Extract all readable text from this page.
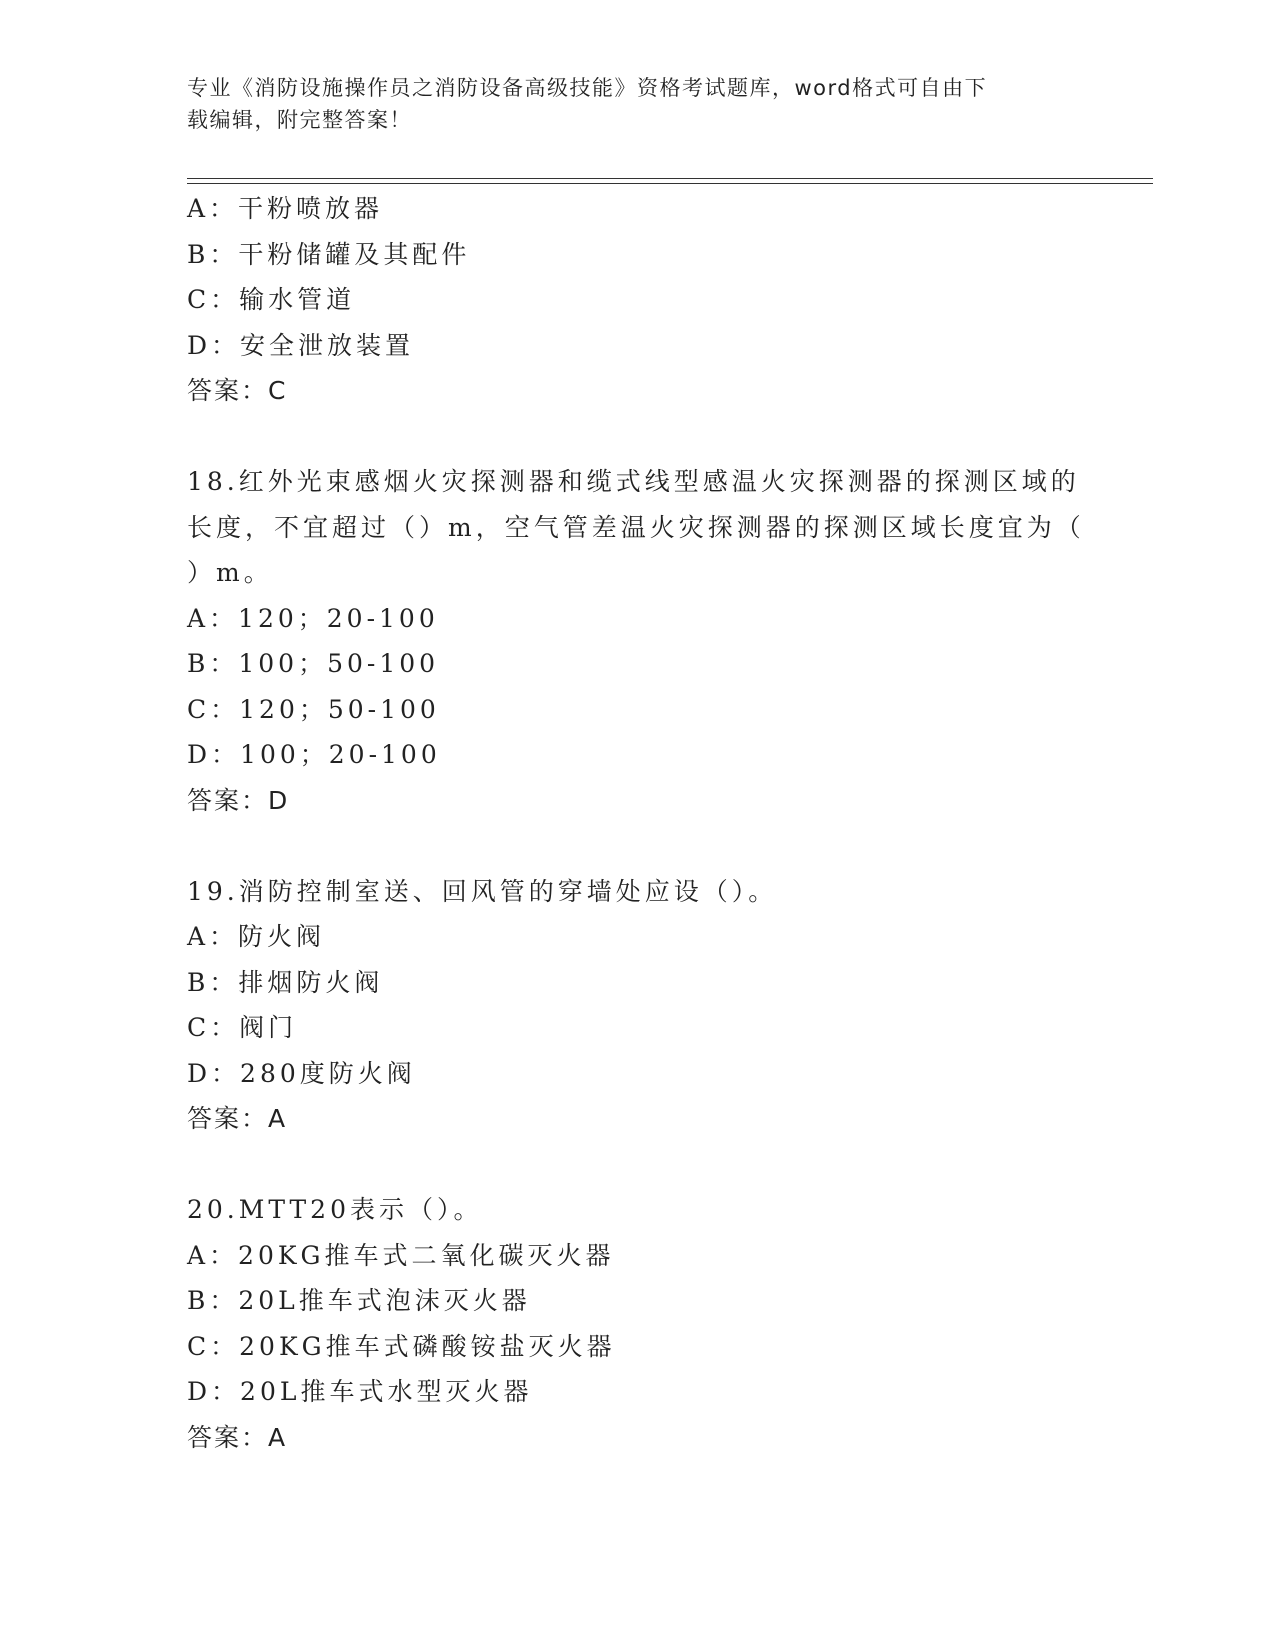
专业《消防设施操作员之消防设备高级技能》资格考试题库，word格式可自由下
载编辑，附完整答案！
A：干粉喷放器
B：干粉储罐及其配件
C：输水管道
D：安全泄放装置
答案：C
18.红外光束感烟火灾探测器和缆式线型感温火灾探测器的探测区域的
长度，不宜超过（）m，空气管差温火灾探测器的探测区域长度宜为（
）m。
A：120；20-100
B：100；50-100
C：120；50-100
D：100；20-100
答案：D
19.消防控制室送、回风管的穿墙处应设（）。
A：防火阀
B：排烟防火阀
C：阀门
D：280度防火阀
答案：A
20.MTT20表示（）。
A：20KG推车式二氧化碳灭火器
B：20L推车式泡沫灭火器
C：20KG推车式磷酸铵盐灭火器
D：20L推车式水型灭火器
答案：A
